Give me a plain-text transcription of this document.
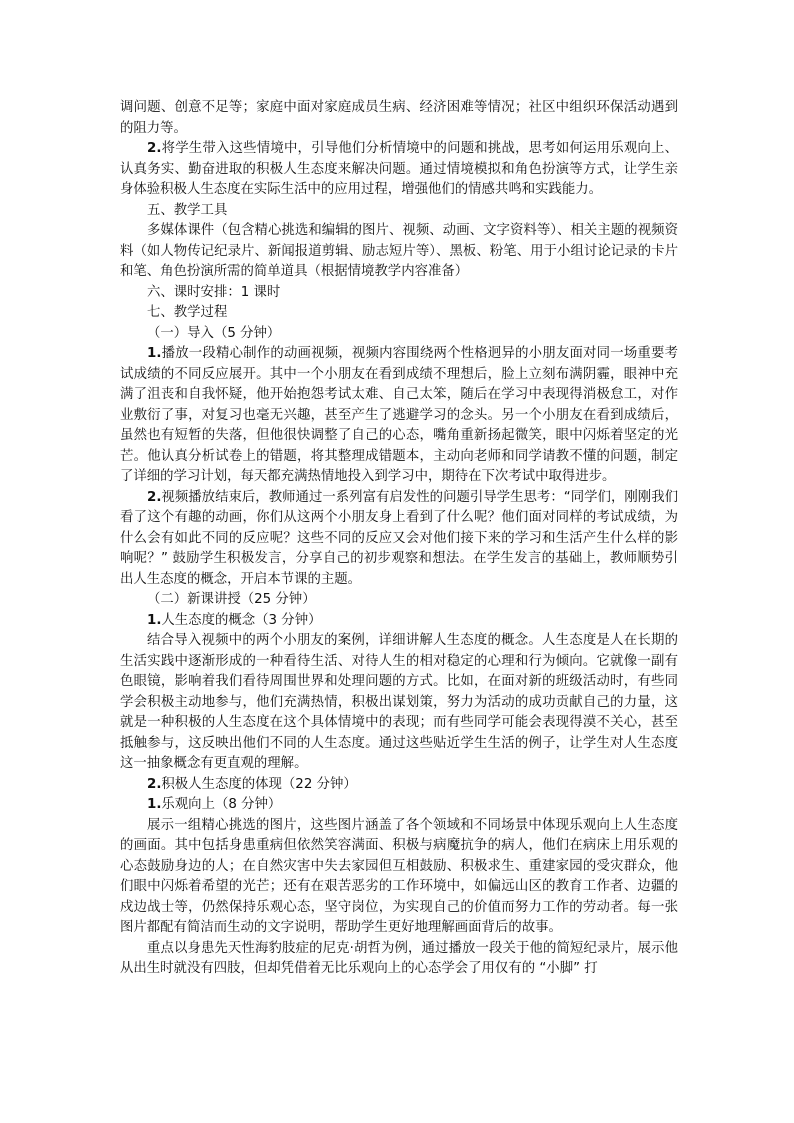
调问题、创意不足等；家庭中面对家庭成员生病、经济困难等情况；社区中组织环保活动遇到的阻力等。

2.将学生带入这些情境中，引导他们分析情境中的问题和挑战，思考如何运用乐观向上、认真务实、勤奋进取的积极人生态度来解决问题。通过情境模拟和角色扮演等方式，让学生亲身体验积极人生态度在实际生活中的应用过程，增强他们的情感共鸣和实践能力。

五、教学工具

多媒体课件（包含精心挑选和编辑的图片、视频、动画、文字资料等）、相关主题的视频资料（如人物传记纪录片、新闻报道剪辑、励志短片等）、黑板、粉笔、用于小组讨论记录的卡片和笔、角色扮演所需的简单道具（根据情境教学内容准备）

六、课时安排：1 课时

七、教学过程

（一）导入（5 分钟）

1.播放一段精心制作的动画视频，视频内容围绕两个性格迥异的小朋友面对同一场重要考试成绩的不同反应展开。其中一个小朋友在看到成绩不理想后，脸上立刻布满阴霾，眼神中充满了沮丧和自我怀疑，他开始抱怨考试太难、自己太笨，随后在学习中表现得消极怠工，对作业敷衍了事，对复习也毫无兴趣，甚至产生了逃避学习的念头。另一个小朋友在看到成绩后，虽然也有短暂的失落，但他很快调整了自己的心态，嘴角重新扬起微笑，眼中闪烁着坚定的光芒。他认真分析试卷上的错题，将其整理成错题本，主动向老师和同学请教不懂的问题，制定了详细的学习计划，每天都充满热情地投入到学习中，期待在下次考试中取得进步。

2.视频播放结束后，教师通过一系列富有启发性的问题引导学生思考：“同学们，刚刚我们看了这个有趣的动画，你们从这两个小朋友身上看到了什么呢？他们面对同样的考试成绩，为什么会有如此不同的反应呢？这些不同的反应又会对他们接下来的学习和生活产生什么样的影响呢？” 鼓励学生积极发言，分享自己的初步观察和想法。在学生发言的基础上，教师顺势引出人生态度的概念，开启本节课的主题。

（二）新课讲授（25 分钟）

1.人生态度的概念（3 分钟）

结合导入视频中的两个小朋友的案例，详细讲解人生态度的概念。人生态度是人在长期的生活实践中逐渐形成的一种看待生活、对待人生的相对稳定的心理和行为倾向。它就像一副有色眼镜，影响着我们看待周围世界和处理问题的方式。比如，在面对新的班级活动时，有些同学会积极主动地参与，他们充满热情，积极出谋划策，努力为活动的成功贡献自己的力量，这就是一种积极的人生态度在这个具体情境中的表现；而有些同学可能会表现得漠不关心，甚至抵触参与，这反映出他们不同的人生态度。通过这些贴近学生生活的例子，让学生对人生态度这一抽象概念有更直观的理解。

2.积极人生态度的体现（22 分钟）

1.乐观向上（8 分钟）

展示一组精心挑选的图片，这些图片涵盖了各个领域和不同场景中体现乐观向上人生态度的画面。其中包括身患重病但依然笑容满面、积极与病魔抗争的病人，他们在病床上用乐观的心态鼓励身边的人；在自然灾害中失去家园但互相鼓励、积极求生、重建家园的受灾群众，他们眼中闪烁着希望的光芒；还有在艰苦恶劣的工作环境中，如偏远山区的教育工作者、边疆的戍边战士等，仍然保持乐观心态，坚守岗位，为实现自己的价值而努力工作的劳动者。每一张图片都配有简洁而生动的文字说明，帮助学生更好地理解画面背后的故事。

重点以身患先天性海豹肢症的尼克·胡哲为例，通过播放一段关于他的简短纪录片，展示他从出生时就没有四肢，但却凭借着无比乐观向上的心态学会了用仅有的 “小脚” 打
